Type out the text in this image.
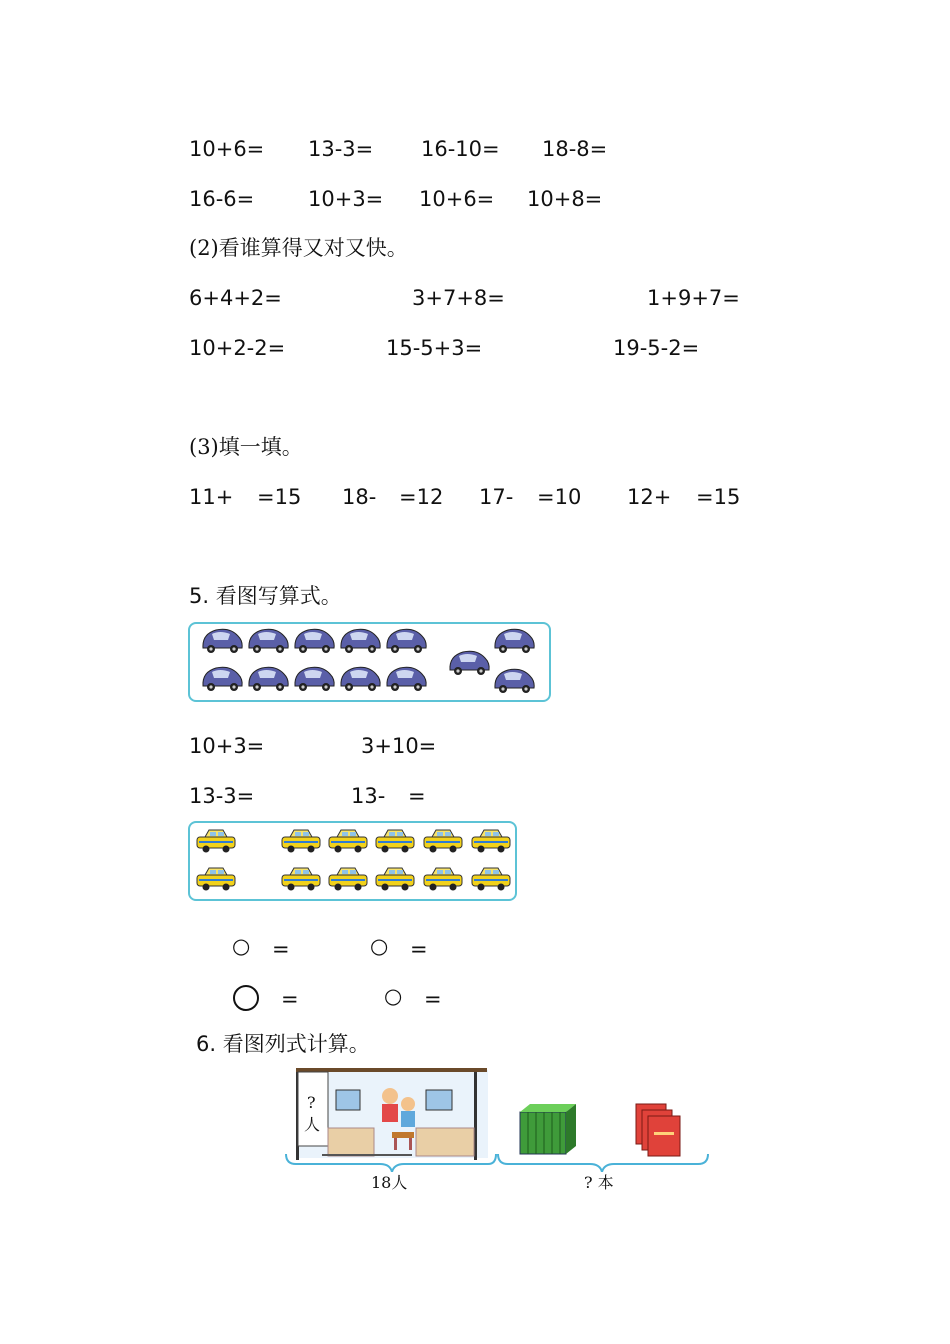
10+6= 13-3= 16-10= 18-8=
16-6=	10+3= 10+6= 10+8=
(2)看谁算得又对又快。
6+4+2=	3+7+8=	1+9+7=
10+2-2=	15-5+3=	19-5-2=
(3)填一填。
11+ =15 18- =12 17- =10 12+ =15
5. 看图写算式。
10+3=	3+10=
13-3=	13- =
○ =	○ =
=	○ =
6. 看图列式计算。
?
人
18人	? 本
